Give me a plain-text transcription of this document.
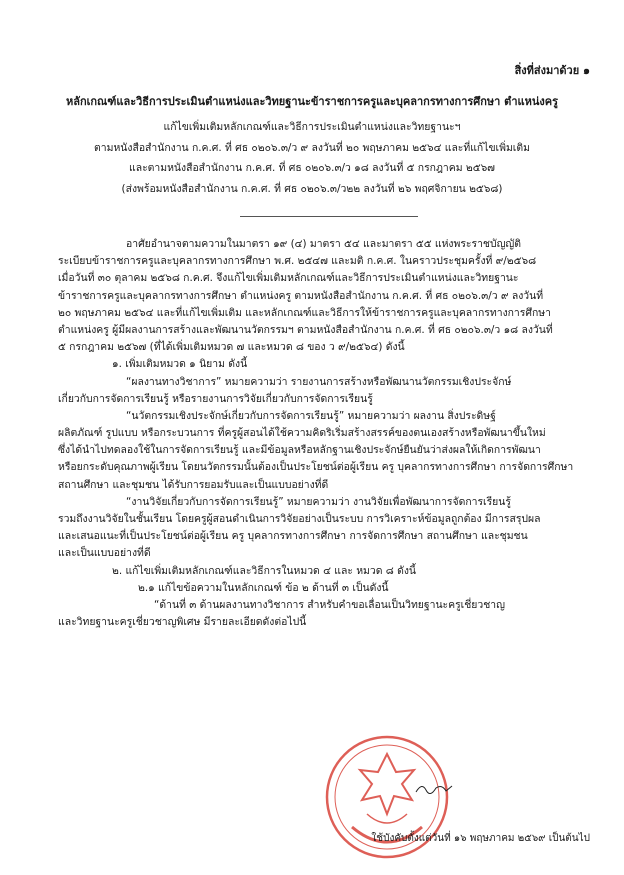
สิ่งที่ส่งมาด้วย ๑
หลักเกณฑ์และวิธีการประเมินตำแหน่งและวิทยฐานะข้าราชการครูและบุคลากรทางการศึกษา ตำแหน่งครู
แก้ไขเพิ่มเติมหลักเกณฑ์และวิธีการประเมินตำแหน่งและวิทยฐานะฯ
ตามหนังสือสำนักงาน ก.ค.ศ. ที่ ศธ ๐๒๐๖.๓/ว ๙ ลงวันที่ ๒๐ พฤษภาคม ๒๕๖๔ และที่แก้ไขเพิ่มเติม
และตามหนังสือสำนักงาน ก.ค.ศ. ที่ ศธ ๐๒๐๖.๓/ว ๑๘ ลงวันที่ ๕ กรกฎาคม ๒๕๖๗
(ส่งพร้อมหนังสือสำนักงาน ก.ค.ศ. ที่ ศธ ๐๒๐๖.๓/ว๒๒ ลงวันที่ ๒๖ พฤศจิกายน ๒๕๖๘)
อาศัยอำนาจตามความในมาตรา ๑๙ (๔) มาตรา ๕๔ และมาตรา ๕๕ แห่งพระราชบัญญัติ
ระเบียบข้าราชการครูและบุคลากรทางการศึกษา พ.ศ. ๒๕๔๗ และมติ ก.ค.ศ. ในคราวประชุมครั้งที่ ๙/๒๕๖๘
เมื่อวันที่ ๓๐ ตุลาคม ๒๕๖๘ ก.ค.ศ. จึงแก้ไขเพิ่มเติมหลักเกณฑ์และวิธีการประเมินตำแหน่งและวิทยฐานะ
ข้าราชการครูและบุคลากรทางการศึกษา ตำแหน่งครู ตามหนังสือสำนักงาน ก.ค.ศ. ที่ ศธ ๐๒๐๖.๓/ว ๙ ลงวันที่
๒๐ พฤษภาคม ๒๕๖๔ และที่แก้ไขเพิ่มเติม และหลักเกณฑ์และวิธีการให้ข้าราชการครูและบุคลากรทางการศึกษา
ตำแหน่งครู ผู้มีผลงานการสร้างและพัฒนานวัตกรรมฯ ตามหนังสือสำนักงาน ก.ค.ศ. ที่ ศธ ๐๒๐๖.๓/ว ๑๘ ลงวันที่
๕ กรกฎาคม ๒๕๖๗ (ที่ได้เพิ่มเติมหมวด ๗ และหมวด ๘ ของ ว ๙/๒๕๖๔) ดังนี้
๑. เพิ่มเติมหมวด ๑ นิยาม ดังนี้
“ผลงานทางวิชาการ” หมายความว่า รายงานการสร้างหรือพัฒนานวัตกรรมเชิงประจักษ์
เกี่ยวกับการจัดการเรียนรู้ หรือรายงานการวิจัยเกี่ยวกับการจัดการเรียนรู้
“นวัตกรรมเชิงประจักษ์เกี่ยวกับการจัดการเรียนรู้” หมายความว่า ผลงาน สิ่งประดิษฐ์
ผลิตภัณฑ์ รูปแบบ หรือกระบวนการ ที่ครูผู้สอนได้ใช้ความคิดริเริ่มสร้างสรรค์ของตนเองสร้างหรือพัฒนาขึ้นใหม่
ซึ่งได้นำไปทดลองใช้ในการจัดการเรียนรู้ และมีข้อมูลหรือหลักฐานเชิงประจักษ์ยืนยันว่าส่งผลให้เกิดการพัฒนา
หรือยกระดับคุณภาพผู้เรียน โดยนวัตกรรมนั้นต้องเป็นประโยชน์ต่อผู้เรียน ครู บุคลากรทางการศึกษา การจัดการศึกษา
สถานศึกษา และชุมชน ได้รับการยอมรับและเป็นแบบอย่างที่ดี
“งานวิจัยเกี่ยวกับการจัดการเรียนรู้” หมายความว่า งานวิจัยเพื่อพัฒนาการจัดการเรียนรู้
รวมถึงงานวิจัยในชั้นเรียน โดยครูผู้สอนดำเนินการวิจัยอย่างเป็นระบบ การวิเคราะห์ข้อมูลถูกต้อง มีการสรุปผล
และเสนอแนะที่เป็นประโยชน์ต่อผู้เรียน ครู บุคลากรทางการศึกษา การจัดการศึกษา สถานศึกษา และชุมชน
และเป็นแบบอย่างที่ดี
๒. แก้ไขเพิ่มเติมหลักเกณฑ์และวิธีการในหมวด ๔ และ หมวด ๘ ดังนี้
๒.๑ แก้ไขข้อความในหลักเกณฑ์ ข้อ ๒ ด้านที่ ๓ เป็นดังนี้
“ด้านที่ ๓ ด้านผลงานทางวิชาการ สำหรับคำขอเลื่อนเป็นวิทยฐานะครูเชี่ยวชาญ
และวิทยฐานะครูเชี่ยวชาญพิเศษ มีรายละเอียดดังต่อไปนี้
ใช้บังคับตั้งแต่วันที่ ๑๖ พฤษภาคม ๒๕๖๙ เป็นต้นไป
